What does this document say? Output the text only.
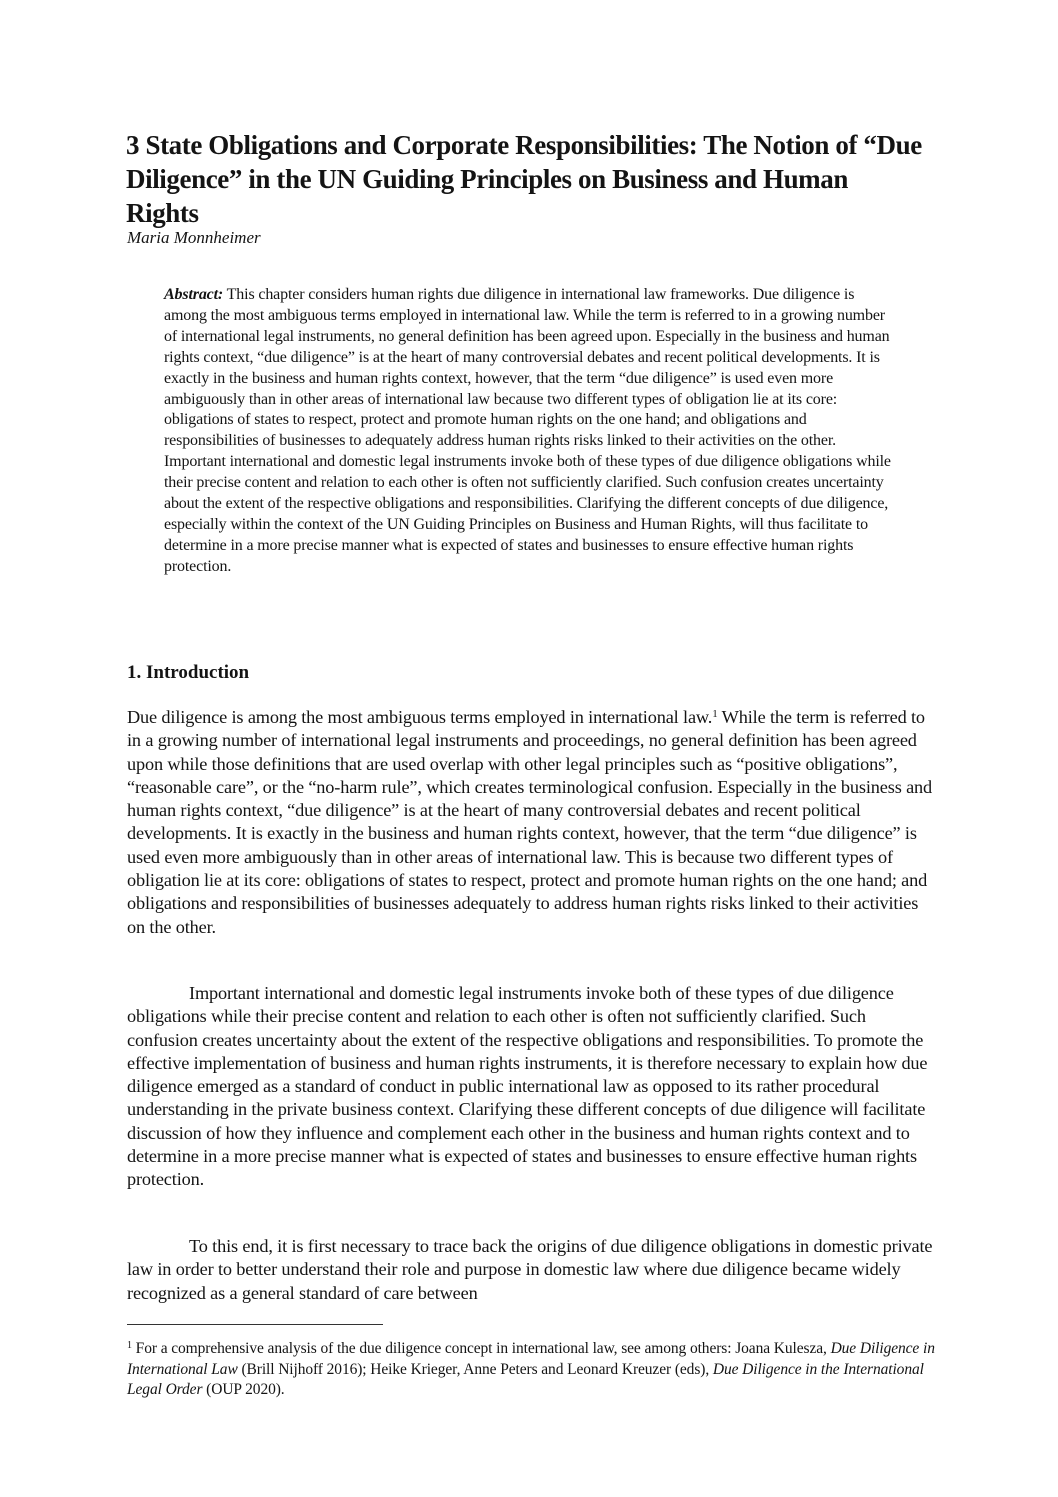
3 State Obligations and Corporate Responsibilities: The Notion of “Due Diligence” in the UN Guiding Principles on Business and Human Rights

Maria Monnheimer

Abstract: This chapter considers human rights due diligence in international law frameworks. Due diligence is among the most ambiguous terms employed in international law. While the term is referred to in a growing number of international legal instruments, no general definition has been agreed upon. Especially in the business and human rights context, “due diligence” is at the heart of many controversial debates and recent political developments. It is exactly in the business and human rights context, however, that the term “due diligence” is used even more ambiguously than in other areas of international law because two different types of obligation lie at its core: obligations of states to respect, protect and promote human rights on the one hand; and obligations and responsibilities of businesses to adequately address human rights risks linked to their activities on the other. Important international and domestic legal instruments invoke both of these types of due diligence obligations while their precise content and relation to each other is often not sufficiently clarified. Such confusion creates uncertainty about the extent of the respective obligations and responsibilities. Clarifying the different concepts of due diligence, especially within the context of the UN Guiding Principles on Business and Human Rights, will thus facilitate to determine in a more precise manner what is expected of states and businesses to ensure effective human rights protection.

1. Introduction

Due diligence is among the most ambiguous terms employed in international law.$^1$ While the term is referred to in a growing number of international legal instruments and proceedings, no general definition has been agreed upon while those definitions that are used overlap with other legal principles such as “positive obligations”, “reasonable care”, or the “no-harm rule”, which creates terminological confusion. Especially in the business and human rights context, “due diligence” is at the heart of many controversial debates and recent political developments. It is exactly in the business and human rights context, however, that the term “due diligence” is used even more ambiguously than in other areas of international law. This is because two different types of obligation lie at its core: obligations of states to respect, protect and promote human rights on the one hand; and obligations and responsibilities of businesses adequately to address human rights risks linked to their activities on the other.

Important international and domestic legal instruments invoke both of these types of due diligence obligations while their precise content and relation to each other is often not sufficiently clarified. Such confusion creates uncertainty about the extent of the respective obligations and responsibilities. To promote the effective implementation of business and human rights instruments, it is therefore necessary to explain how due diligence emerged as a standard of conduct in public international law as opposed to its rather procedural understanding in the private business context. Clarifying these different concepts of due diligence will facilitate discussion of how they influence and complement each other in the business and human rights context and to determine in a more precise manner what is expected of states and businesses to ensure effective human rights protection.

To this end, it is first necessary to trace back the origins of due diligence obligations in domestic private law in order to better understand their role and purpose in domestic law where due diligence became widely recognized as a general standard of care between

$^1$ For a comprehensive analysis of the due diligence concept in international law, see among others: Joana Kulesza, Due Diligence in International Law (Brill Nijhoff 2016); Heike Krieger, Anne Peters and Leonard Kreuzer (eds), Due Diligence in the International Legal Order (OUP 2020).
